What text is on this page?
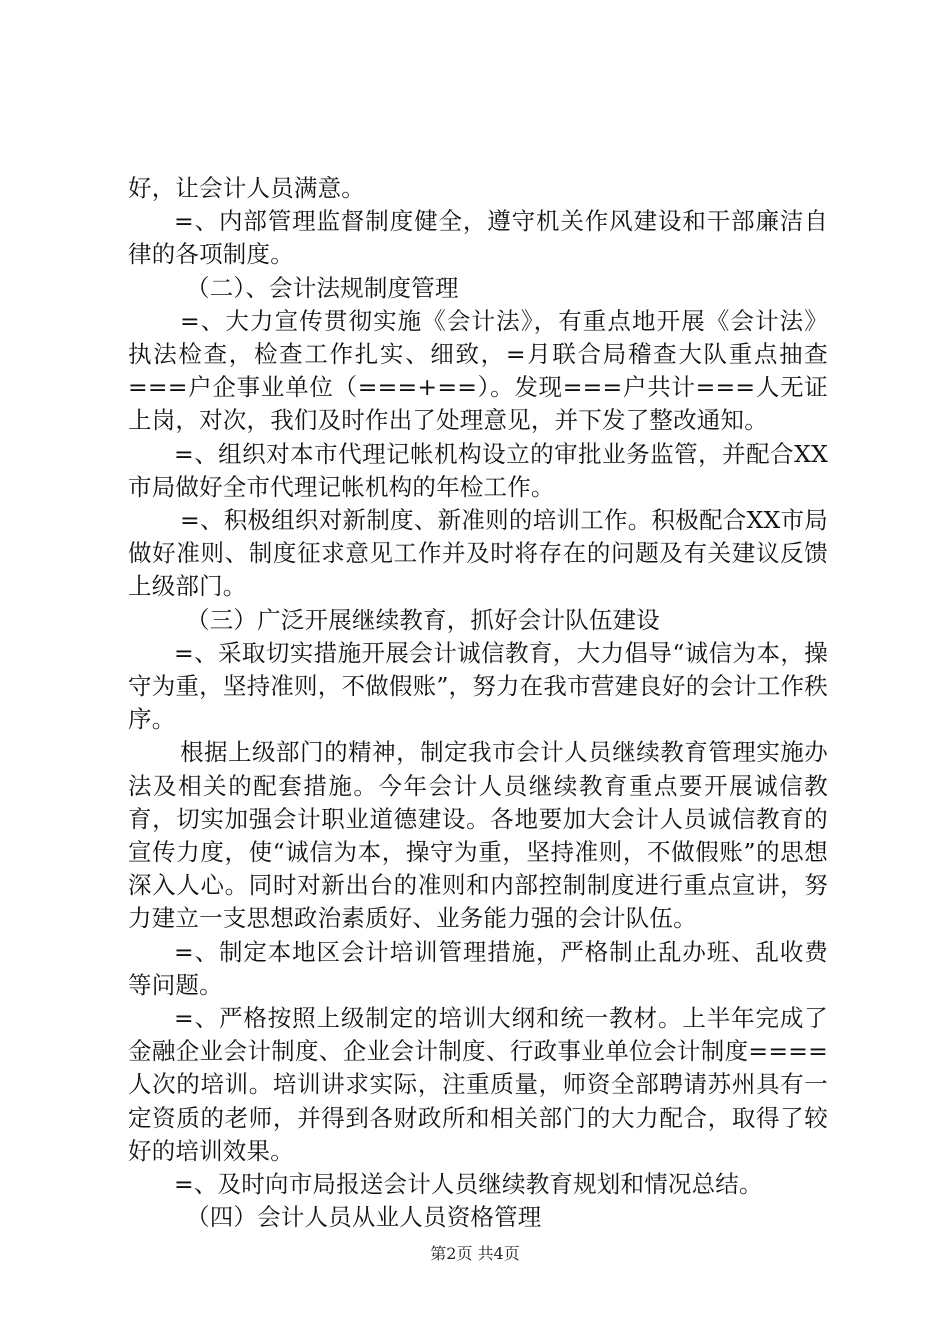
好，让会计人员满意。

=、内部管理监督制度健全，遵守机关作风建设和干部廉洁自律的各项制度。

（二）、会计法规制度管理

=、大力宣传贯彻实施《会计法》，有重点地开展《会计法》执法检查，检查工作扎实、细致，=月联合局稽查大队重点抽查===户企事业单位（===+==）。发现===户共计===人无证上岗，对次，我们及时作出了处理意见，并下发了整改通知。

=、组织对本市代理记帐机构设立的审批业务监管，并配合XX市局做好全市代理记帐机构的年检工作。

=、积极组织对新制度、新准则的培训工作。积极配合XX市局做好准则、制度征求意见工作并及时将存在的问题及有关建议反馈上级部门。

（三）广泛开展继续教育，抓好会计队伍建设

=、采取切实措施开展会计诚信教育，大力倡导“诚信为本，操守为重，坚持准则，不做假账”，努力在我市营建良好的会计工作秩序。

根据上级部门的精神，制定我市会计人员继续教育管理实施办法及相关的配套措施。今年会计人员继续教育重点要开展诚信教育，切实加强会计职业道德建设。各地要加大会计人员诚信教育的宣传力度，使“诚信为本，操守为重，坚持准则，不做假账”的思想深入人心。同时对新出台的准则和内部控制制度进行重点宣讲，努力建立一支思想政治素质好、业务能力强的会计队伍。

=、制定本地区会计培训管理措施，严格制止乱办班、乱收费等问题。

=、严格按照上级制定的培训大纲和统一教材。上半年完成了金融企业会计制度、企业会计制度、行政事业单位会计制度====人次的培训。培训讲求实际，注重质量，师资全部聘请苏州具有一定资质的老师，并得到各财政所和相关部门的大力配合，取得了较好的培训效果。

=、及时向市局报送会计人员继续教育规划和情况总结。

（四）会计人员从业人员资格管理

第2页 共4页
